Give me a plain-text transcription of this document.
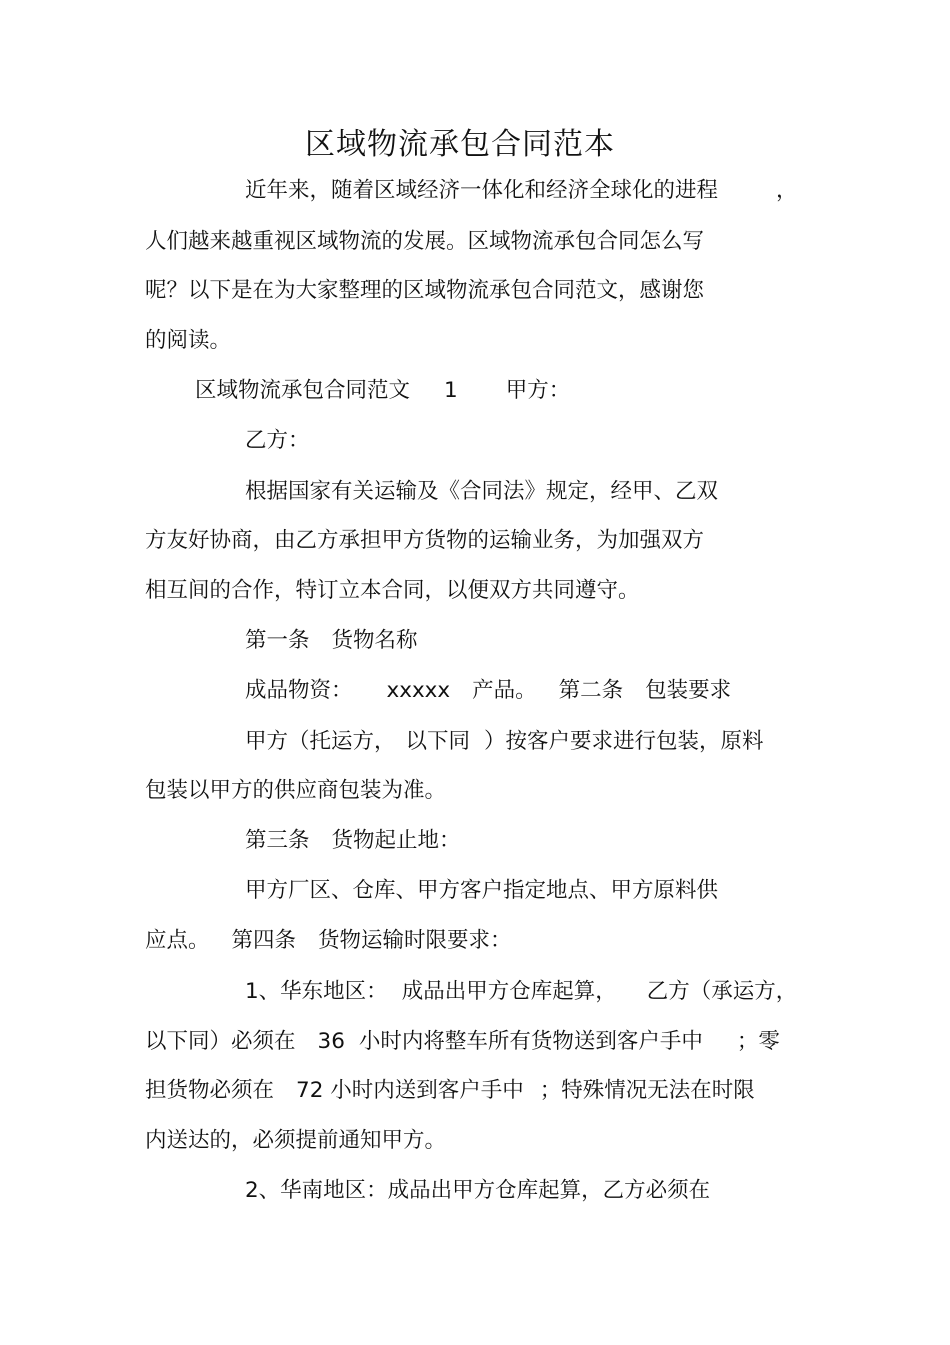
区域物流承包合同范本
近年来，随着区域经济一体化和经济全球化的进程	，
人们越来越重视区域物流的发展。区域物流承包合同怎么写
呢？以下是在为大家整理的区域物流承包合同范文，感谢您
的阅读。
区域物流承包合同范文 1 甲方：
乙方：
根据国家有关运输及《合同法》规定，经甲、乙双
方友好协商，由乙方承担甲方货物的运输业务，为加强双方
相互间的合作，特订立本合同，以便双方共同遵守。
第一条 货物名称
成品物资： xxxxx 产品。 第二条 包装要求
甲方（托运方， 以下同 ）按客户要求进行包装，原料
包装以甲方的供应商包装为准。
第三条 货物起止地：
甲方厂区、仓库、甲方客户指定地点、甲方原料供
应点。 第四条 货物运输时限要求：
1、华东地区： 成品出甲方仓库起算， 乙方（承运方，
以下同）必须在 36 小时内将整车所有货物送到客户手中 ；零
担货物必须在 72 小时内送到客户手中 ；特殊情况无法在时限
内送达的，必须提前通知甲方。
2、华南地区：成品出甲方仓库起算，乙方必须在
